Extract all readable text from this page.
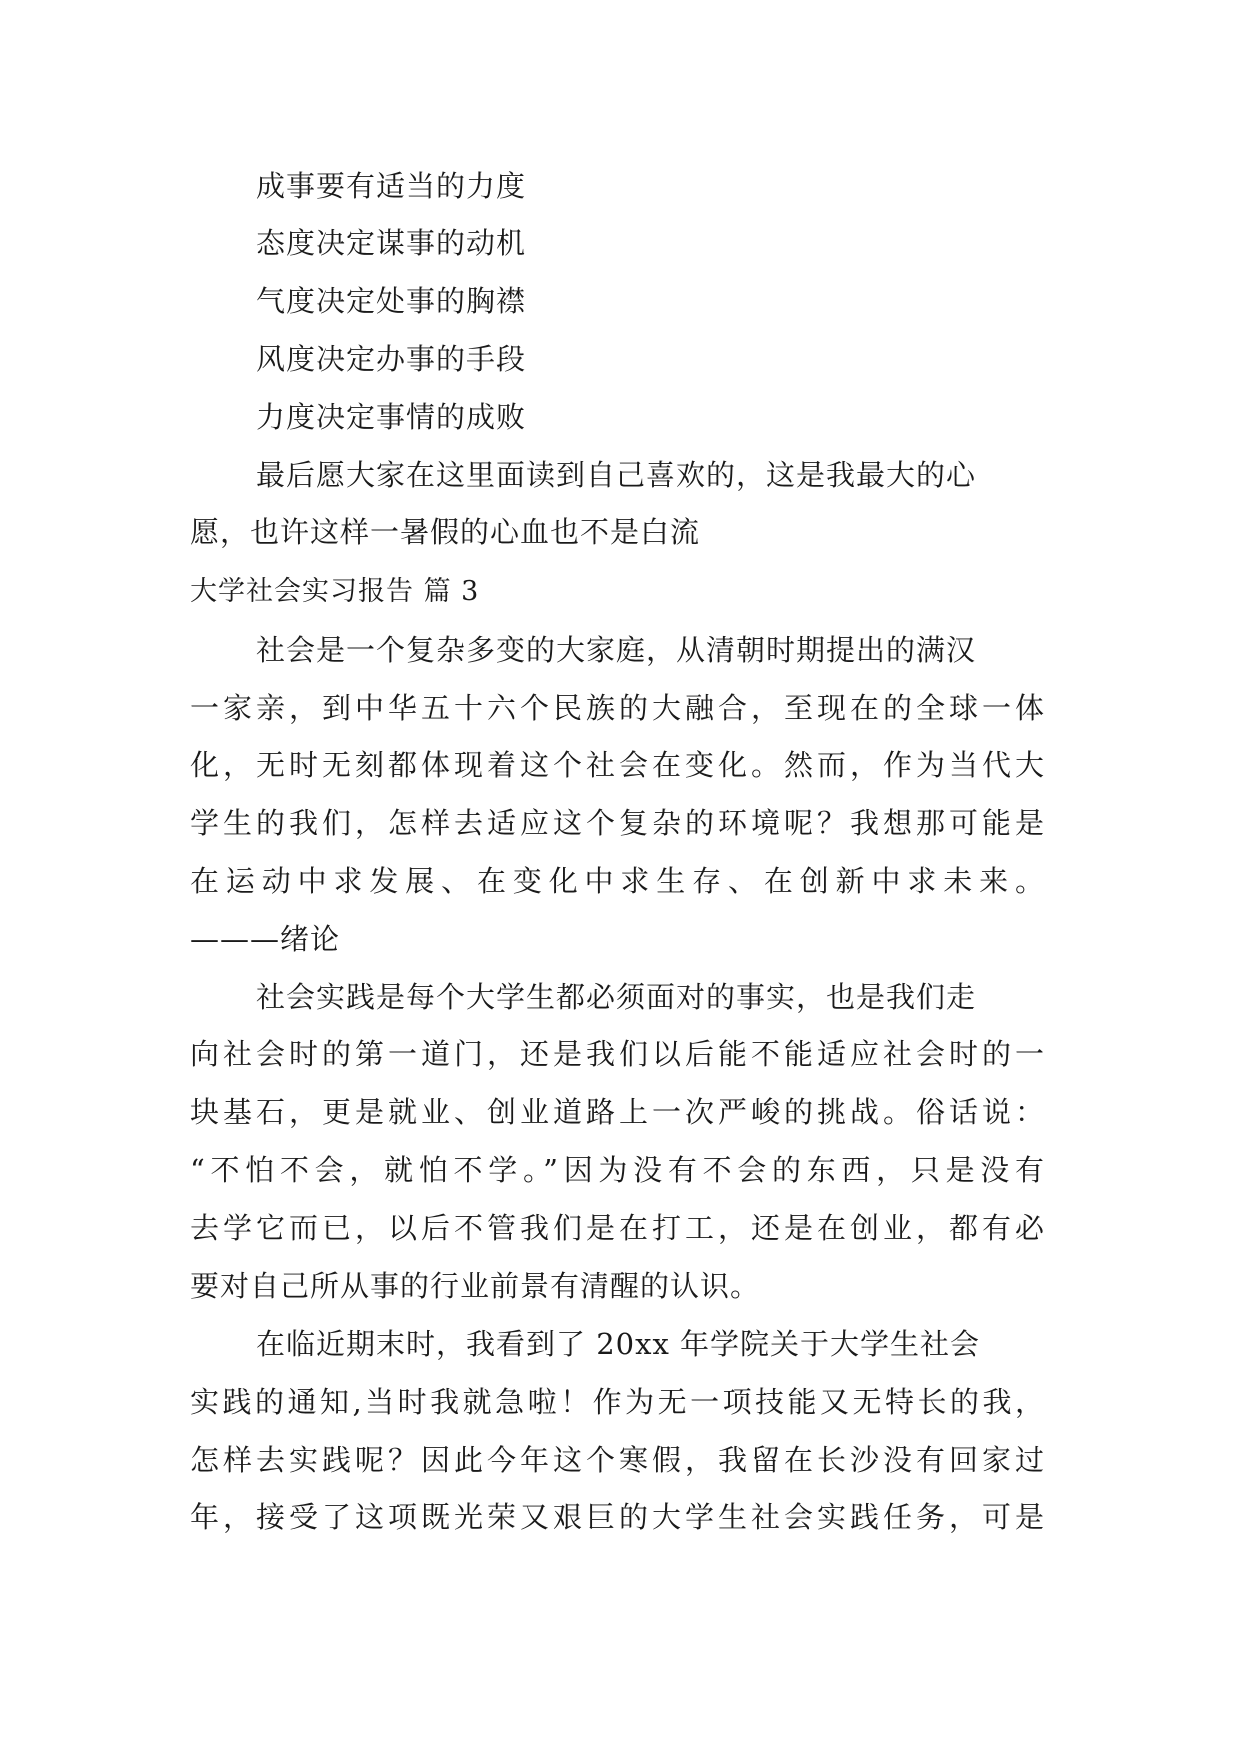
成事要有适当的力度
态度决定谋事的动机
气度决定处事的胸襟
风度决定办事的手段
力度决定事情的成败
最后愿大家在这里面读到自己喜欢的，这是我最大的心
愿，也许这样一暑假的心血也不是白流
大学社会实习报告 篇 3
社会是一个复杂多变的大家庭，从清朝时期提出的满汉
一家亲，到中华五十六个民族的大融合，至现在的全球一体
化，无时无刻都体现着这个社会在变化。然而，作为当代大
学生的我们，怎样去适应这个复杂的环境呢？我想那可能是
在运动中求发展、在变化中求生存、在创新中求未来。
———绪论
社会实践是每个大学生都必须面对的事实，也是我们走
向社会时的第一道门，还是我们以后能不能适应社会时的一
块基石，更是就业、创业道路上一次严峻的挑战。俗话说：
“不怕不会，就怕不学。”因为没有不会的东西，只是没有
去学它而已，以后不管我们是在打工，还是在创业，都有必
要对自己所从事的行业前景有清醒的认识。
在临近期末时，我看到了 20xx 年学院关于大学生社会
实践的通知,当时我就急啦！作为无一项技能又无特长的我，
怎样去实践呢？因此今年这个寒假，我留在长沙没有回家过
年，接受了这项既光荣又艰巨的大学生社会实践任务，可是
